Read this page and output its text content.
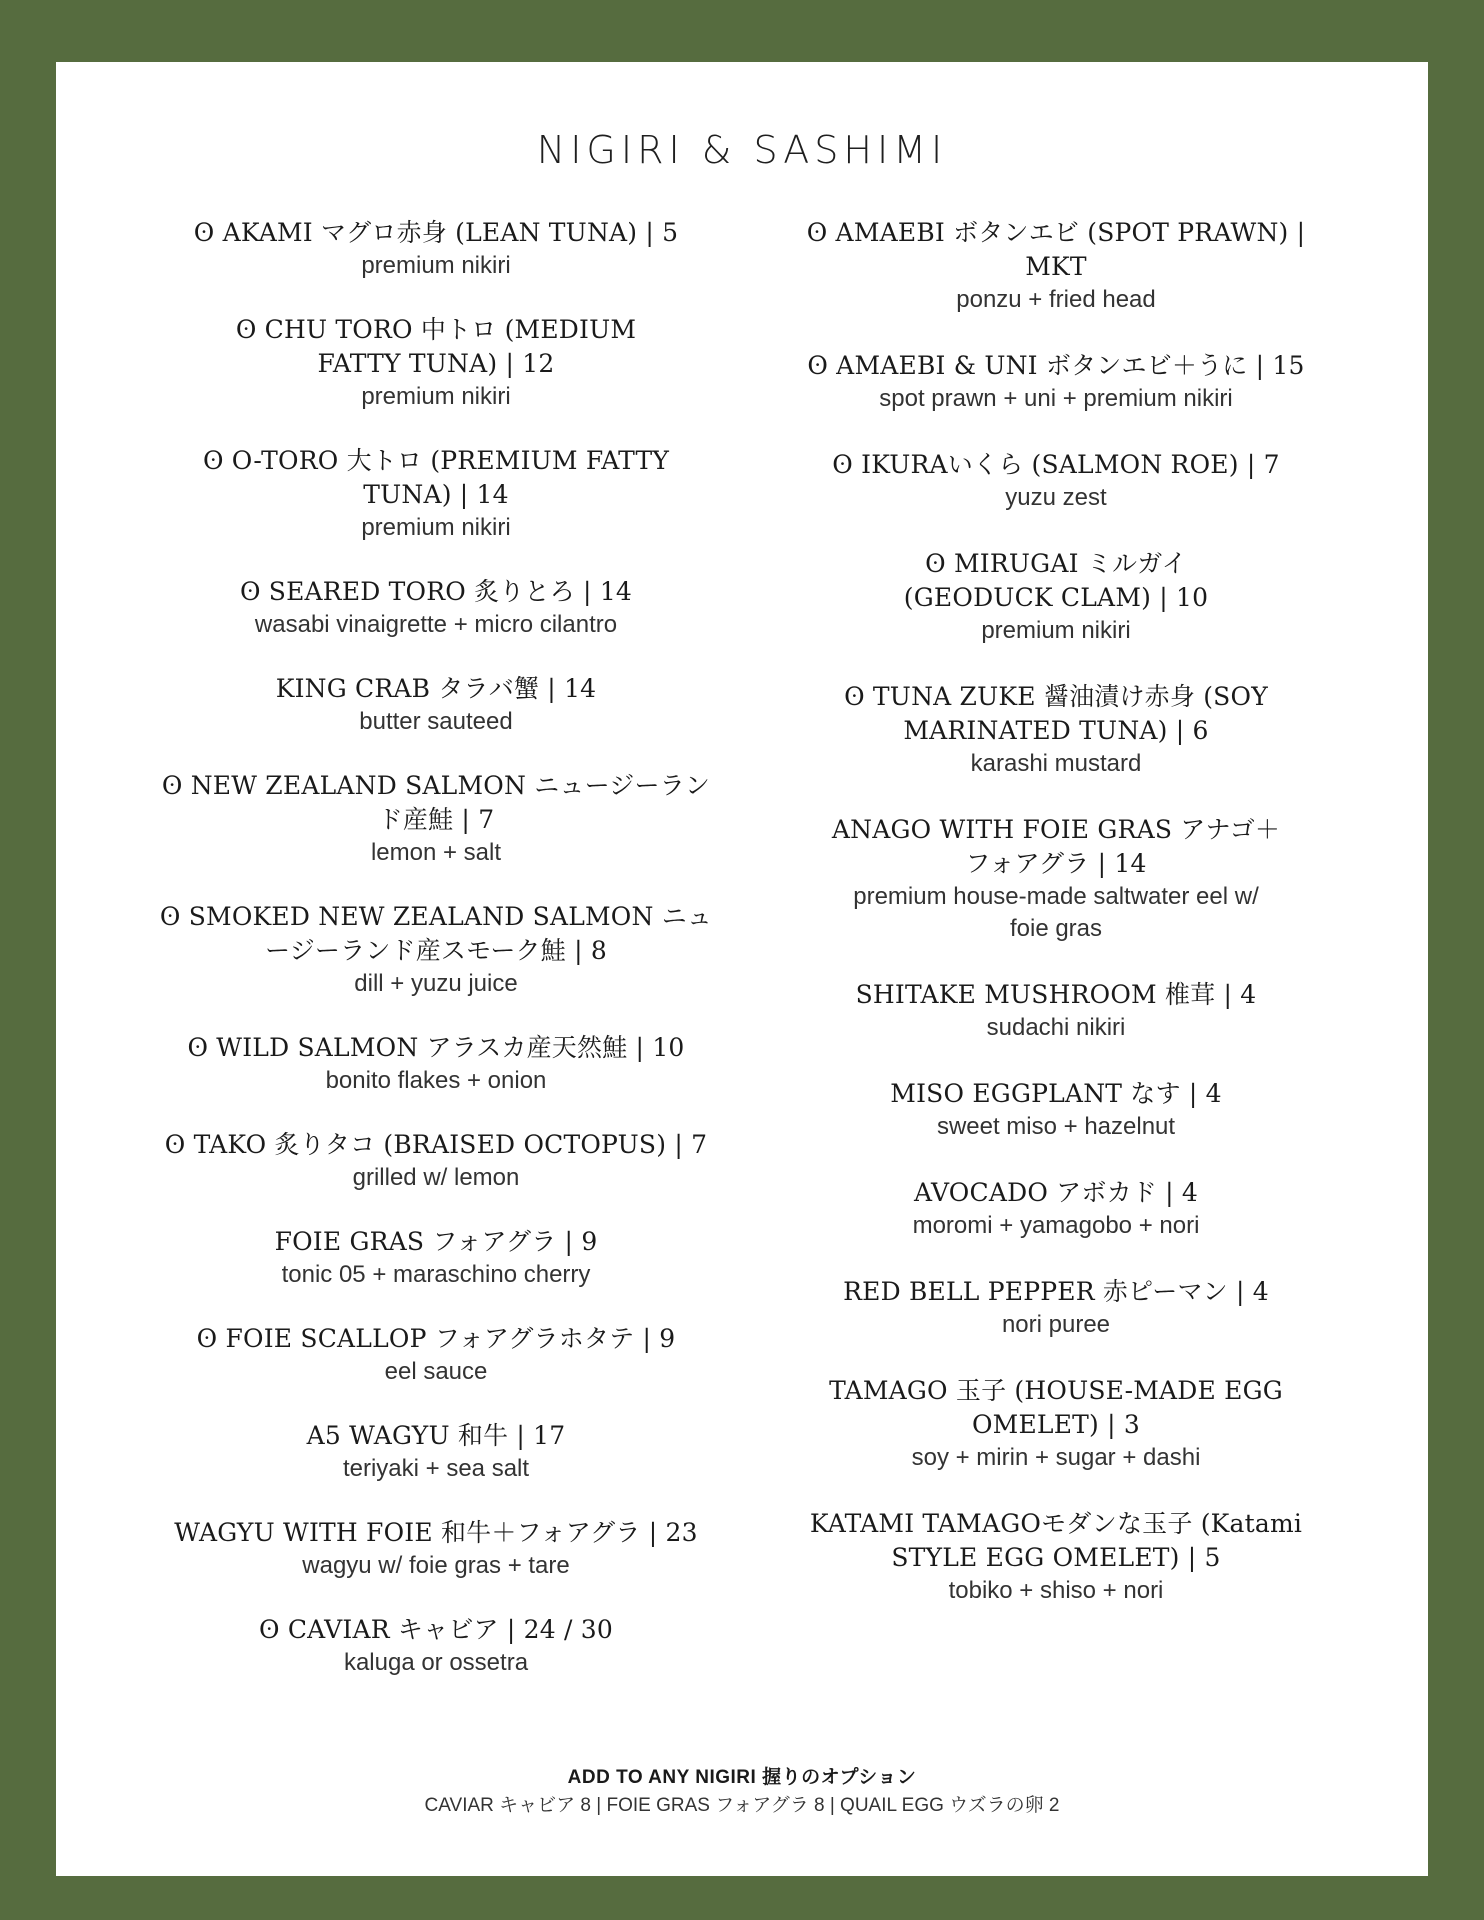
NIGIRI & SASHIMI
ʘ AKAMI マグロ赤身 (LEAN TUNA) | 5
premium nikiri
ʘ CHU TORO 中トロ (MEDIUM FATTY TUNA) | 12
premium nikiri
ʘ O-TORO 大トロ (PREMIUM FATTY TUNA) | 14
premium nikiri
ʘ SEARED TORO 炙りとろ | 14
wasabi vinaigrette + micro cilantro
KING CRAB タラバ蟹 | 14
butter sauteed
ʘ NEW ZEALAND SALMON ニュージーランド産鮭 | 7
lemon + salt
ʘ SMOKED NEW ZEALAND SALMON ニュージーランド産スモーク鮭 | 8
dill + yuzu juice
ʘ WILD SALMON アラスカ産天然鮭 | 10
bonito flakes + onion
ʘ TAKO 炙りタコ (BRAISED OCTOPUS) | 7
grilled w/ lemon
FOIE GRAS フォアグラ | 9
tonic 05 + maraschino cherry
ʘ FOIE SCALLOP フォアグラホタテ | 9
eel sauce
A5 WAGYU 和牛 | 17
teriyaki + sea salt
WAGYU WITH FOIE 和牛＋フォアグラ | 23
wagyu w/ foie gras + tare
ʘ CAVIAR キャビア | 24 / 30
kaluga or ossetra
ʘ AMAEBI ボタンエビ (SPOT PRAWN) | MKT
ponzu + fried head
ʘ AMAEBI & UNI ボタンエビ＋うに | 15
spot prawn + uni + premium nikiri
ʘ IKURAいくら (SALMON ROE) | 7
yuzu zest
ʘ MIRUGAI ミルガイ (GEODUCK CLAM) | 10
premium nikiri
ʘ TUNA ZUKE 醤油漬け赤身 (SOY MARINATED TUNA) | 6
karashi mustard
ANAGO WITH FOIE GRAS アナゴ＋フォアグラ | 14
premium house-made saltwater eel w/ foie gras
SHITAKE MUSHROOM 椎茸 | 4
sudachi nikiri
MISO EGGPLANT なす | 4
sweet miso + hazelnut
AVOCADO アボカド | 4
moromi + yamagobo + nori
RED BELL PEPPER 赤ピーマン | 4
nori puree
TAMAGO 玉子 (HOUSE-MADE EGG OMELET) | 3
soy + mirin + sugar + dashi
KATAMI TAMAGOモダンな玉子 (Katami STYLE EGG OMELET) | 5
tobiko + shiso + nori
ADD TO ANY NIGIRI 握りのオプション
CAVIAR キャビア 8 | FOIE GRAS フォアグラ 8 | QUAIL EGG ウズラの卵 2
